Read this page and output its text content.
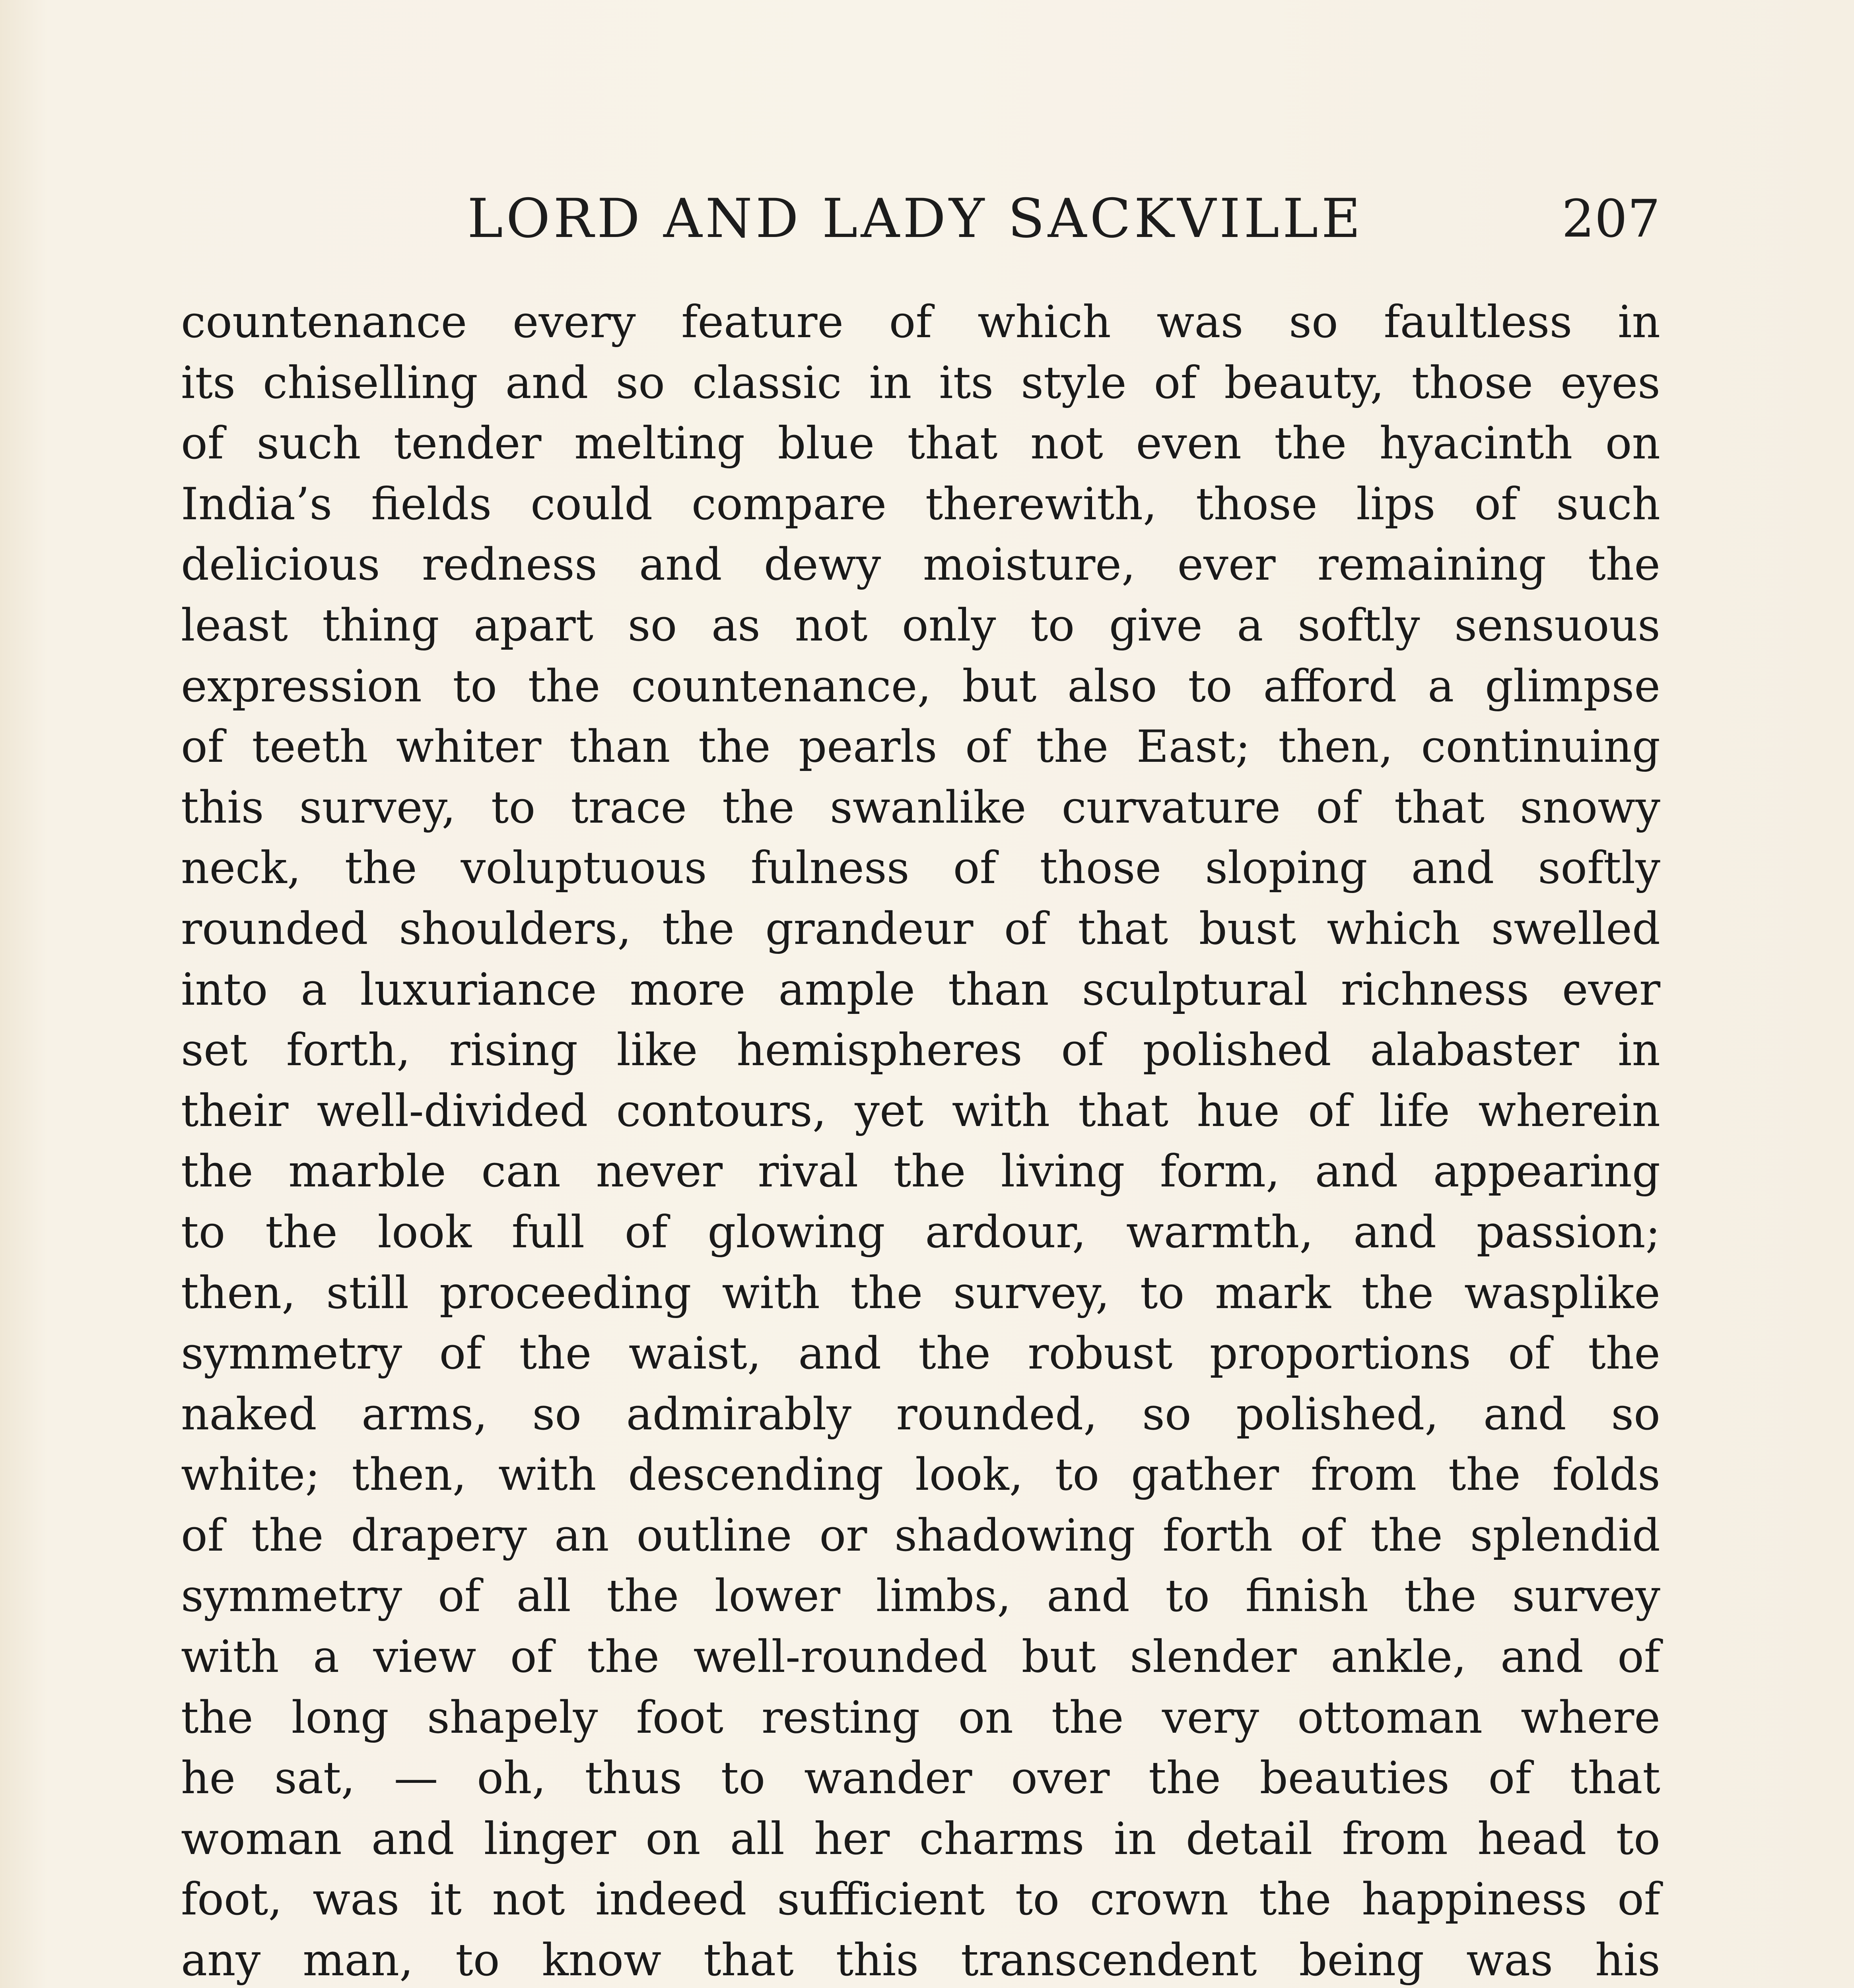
LORD AND LADY SACKVILLE	207
countenance every feature of which was so faultless in
its chiselling and so classic in its style of beauty, those eyes
of such tender melting blue that not even the hyacinth on
India’s fields could compare therewith, those lips of such
delicious redness and dewy moisture, ever remaining the
least thing apart so as not only to give a softly sensuous
expression to the countenance, but also to afford a glimpse
of teeth whiter than the pearls of the East; then, continuing
this survey, to trace the swanlike curvature of that snowy
neck, the voluptuous fulness of those sloping and softly
rounded shoulders, the grandeur of that bust which swelled
into a luxuriance more ample than sculptural richness ever
set forth, rising like hemispheres of polished alabaster in
their well-divided contours, yet with that hue of life wherein
the marble can never rival the living form, and appearing
to the look full of glowing ardour, warmth, and passion;
then, still proceeding with the survey, to mark the wasplike
symmetry of the waist, and the robust proportions of the
naked arms, so admirably rounded, so polished, and so
white; then, with descending look, to gather from the folds
of the drapery an outline or shadowing forth of the splendid
symmetry of all the lower limbs, and to finish the survey
with a view of the well-rounded but slender ankle, and of
the long shapely foot resting on the very ottoman where
he sat, — oh, thus to wander over the beauties of that
woman and linger on all her charms in detail from head to
foot, was it not indeed sufficient to crown the happiness of
any man, to know that this transcendent being was his
